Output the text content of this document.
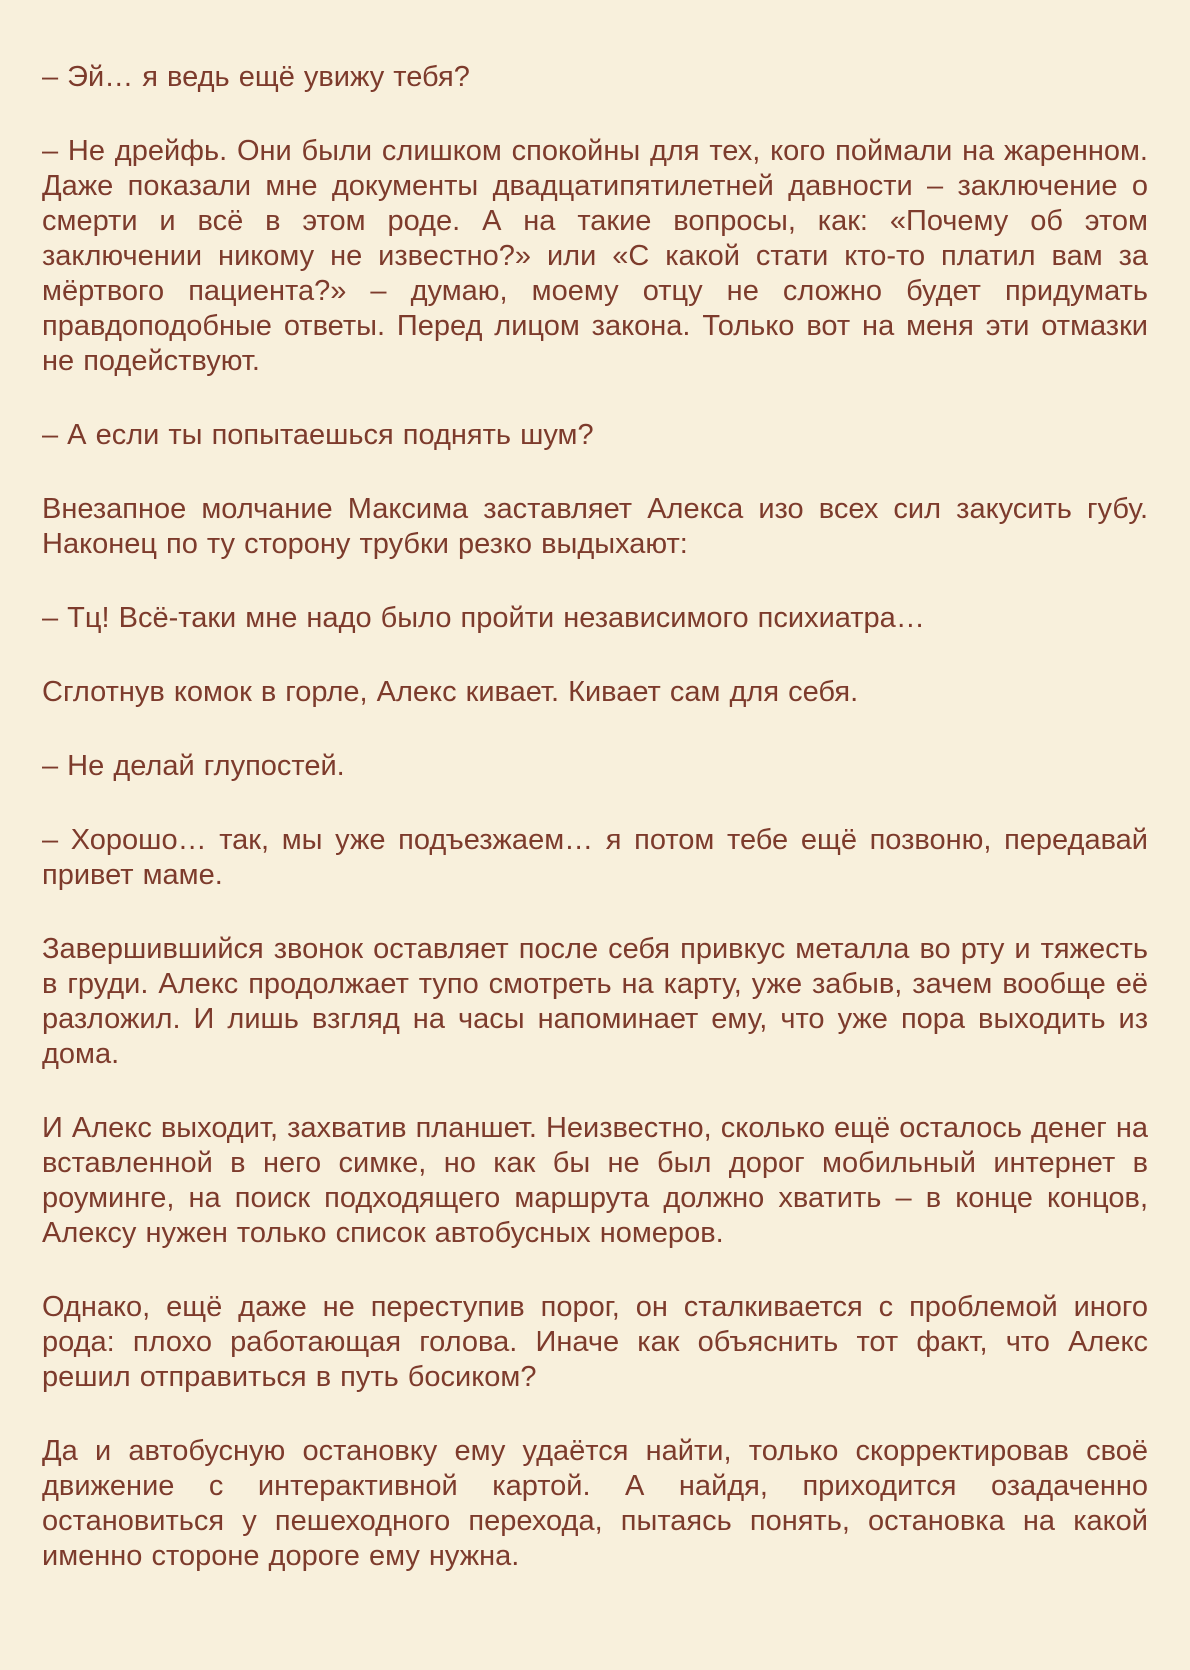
– Эй… я ведь ещё увижу тебя?

– Не дрейфь. Они были слишком спокойны для тех, кого поймали на жаренном. Даже показали мне документы двадцатипятилетней давности – заключение о смерти и всё в этом роде. А на такие вопросы, как: «Почему об этом заключении никому не известно?» или «С какой стати кто-то платил вам за мёртвого пациента?» – думаю, моему отцу не сложно будет придумать правдоподобные ответы. Перед лицом закона. Только вот на меня эти отмазки не подействуют.

– А если ты попытаешься поднять шум?

Внезапное молчание Максима заставляет Алекса изо всех сил закусить губу. Наконец по ту сторону трубки резко выдыхают:

– Тц! Всё-таки мне надо было пройти независимого психиатра…

Сглотнув комок в горле, Алекс кивает. Кивает сам для себя.

– Не делай глупостей.

– Хорошо… так, мы уже подъезжаем… я потом тебе ещё позвоню, передавай привет маме.

Завершившийся звонок оставляет после себя привкус металла во рту и тяжесть в груди. Алекс продолжает тупо смотреть на карту, уже забыв, зачем вообще её разложил. И лишь взгляд на часы напоминает ему, что уже пора выходить из дома.

И Алекс выходит, захватив планшет. Неизвестно, сколько ещё осталось денег на вставленной в него симке, но как бы не был дорог мобильный интернет в роуминге, на поиск подходящего маршрута должно хватить – в конце концов, Алексу нужен только список автобусных номеров.

Однако, ещё даже не переступив порог, он сталкивается с проблемой иного рода: плохо работающая голова. Иначе как объяснить тот факт, что Алекс решил отправиться в путь босиком?

Да и автобусную остановку ему удаётся найти, только скорректировав своё движение с интерактивной картой. А найдя, приходится озадаченно остановиться у пешеходного перехода, пытаясь понять, остановка на какой именно стороне дороге ему нужна.
